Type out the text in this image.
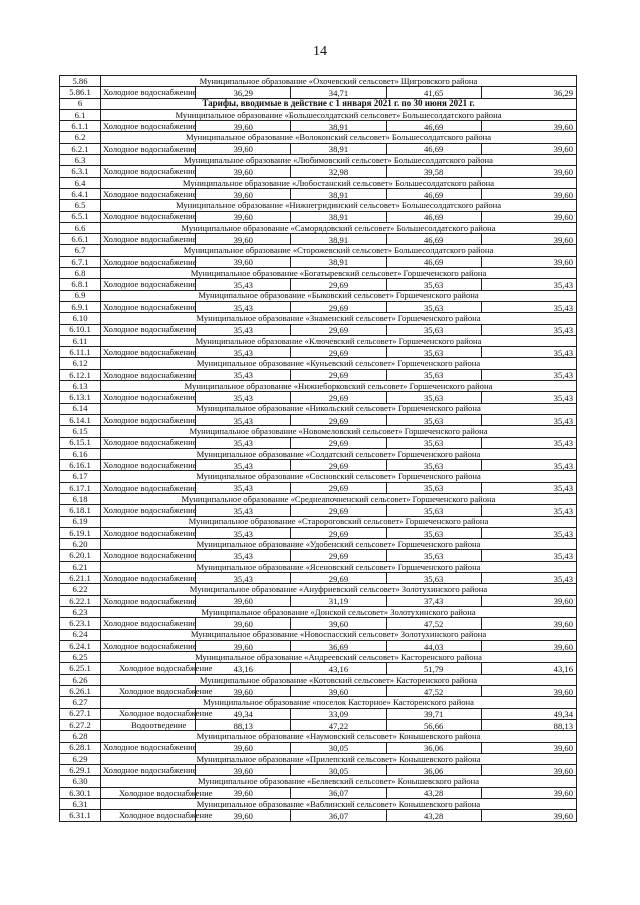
14
5.86	Муниципальное образование «Охочевский сельсовет» Щигровского района				
5.86.1	Холодное водоснабжение	36,29	34,71	41,65	36,29
6	Тарифы, вводимые в действие с 1 января 2021 г. по 30 июня 2021 г.				
6.1	Муниципальное образование «Большесолдатский сельсовет» Большесолдатского района				
6.1.1	Холодное водоснабжение	39,60	38,91	46,69	39,60
6.2	Муниципальное образование «Волоконский сельсовет» Большесолдатского района				
6.2.1	Холодное водоснабжение	39,60	38,91	46,69	39,60
6.3	Муниципальное образование «Любимовский сельсовет» Большесолдатского района				
6.3.1	Холодное водоснабжение	39,60	32,98	39,58	39,60
6.4	Муниципальное образование «Любостанский сельсовет» Большесолдатского района				
6.4.1	Холодное водоснабжение	39,60	38,91	46,69	39,60
6.5	Муниципальное образование «Нижнегридинский сельсовет» Большесолдатского района				
6.5.1	Холодное водоснабжение	39,60	38,91	46,69	39,60
6.6	Муниципальное образование «Саморядовский сельсовет» Большесолдатского района				
6.6.1	Холодное водоснабжение	39,60	38,91	46,69	39,60
6.7	Муниципальное образование «Сторожевский сельсовет» Большесолдатского района				
6.7.1	Холодное водоснабжение	39,60	38,91	46,69	39,60
6.8	Муниципальное образование «Богатыревский сельсовет» Горшеченского района				
6.8.1	Холодное водоснабжение	35,43	29,69	35,63	35,43
6.9	Муниципальное образование «Быковский сельсовет» Горшеченского района				
6.9.1	Холодное водоснабжение	35,43	29,69	35,63	35,43
6.10	Муниципальное образование «Знаменский сельсовет» Горшеченского района				
6.10.1	Холодное водоснабжение	35,43	29,69	35,63	35,43
6.11	Муниципальное образование «Ключевский сельсовет» Горшеченского района				
6.11.1	Холодное водоснабжение	35,43	29,69	35,63	35,43
6.12	Муниципальное образование «Куньевский сельсовет» Горшеченского района				
6.12.1	Холодное водоснабжение	35,43	29,69	35,63	35,43
6.13	Муниципальное образование «Нижнеборковский сельсовет» Горшеченского района				
6.13.1	Холодное водоснабжение	35,43	29,69	35,63	35,43
6.14	Муниципальное образование «Никольский сельсовет» Горшеченского района				
6.14.1	Холодное водоснабжение	35,43	29,69	35,63	35,43
6.15	Муниципальное образование «Новомеловский сельсовет» Горшеченского района				
6.15.1	Холодное водоснабжение	35,43	29,69	35,63	35,43
6.16	Муниципальное образование «Солдатский сельсовет» Горшеченского района				
6.16.1	Холодное водоснабжение	35,43	29,69	35,63	35,43
6.17	Муниципальное образование «Сосновский сельсовет» Горшеченского района				
6.17.1	Холодное водоснабжение	35,43	29,69	35,63	35,43
6.18	Муниципальное образование «Среднеапочненский сельсовет» Горшеченского района				
6.18.1	Холодное водоснабжение	35,43	29,69	35,63	35,43
6.19	Муниципальное образование «Старороговский сельсовет» Горшеченского района				
6.19.1	Холодное водоснабжение	35,43	29,69	35,63	35,43
6.20	Муниципальное образование «Удобенский сельсовет» Горшеченского района				
6.20.1	Холодное водоснабжение	35,43	29,69	35,63	35,43
6.21	Муниципальное образование «Ясеновский сельсовет» Горшеченского района				
6.21.1	Холодное водоснабжение	35,43	29,69	35,63	35,43
6.22	Муниципальное образование «Ануфриевский сельсовет» Золотухинского района				
6.22.1	Холодное водоснабжение	39,60	31,19	37,43	39,60
6.23	Муниципальное образование «Донской сельсовет» Золотухинского района				
6.23.1	Холодное водоснабжение	39,60	39,60	47,52	39,60
6.24	Муниципальное образование «Новоспасский сельсовет» Золотухинского района				
6.24.1	Холодное водоснабжение	39,60	36,69	44,03	39,60
6.25	Муниципальное образование «Андреевский сельсовет» Касторенского района				
6.25.1	Холодное водоснабжение	43,16	43,16	51,79	43,16
6.26	Муниципальное образование «Котовский сельсовет» Касторенского района				
6.26.1	Холодное водоснабжение	39,60	39,60	47,52	39,60
6.27	Муниципальное образование «поселок Касторное» Касторенского района				
6.27.1	Холодное водоснабжение	49,34	33,09	39,71	49,34
6.27.2	Водоотведение	88,13	47,22	56,66	88,13
6.28	Муниципальное образование «Наумовский сельсовет» Конышевского района				
6.28.1	Холодное водоснабжение	39,60	30,05	36,06	39,60
6.29	Муниципальное образование «Прилепский сельсовет» Конышевского района				
6.29.1	Холодное водоснабжение	39,60	30,05	36,06	39,60
6.30	Муниципальное образование «Беляевский сельсовет» Конышевского района				
6.30.1	Холодное водоснабжение	39,60	36,07	43,28	39,60
6.31	Муниципальное образование «Ваблинский сельсовет» Конышевского района				
6.31.1	Холодное водоснабжение	39,60	36,07	43,28	39,60
